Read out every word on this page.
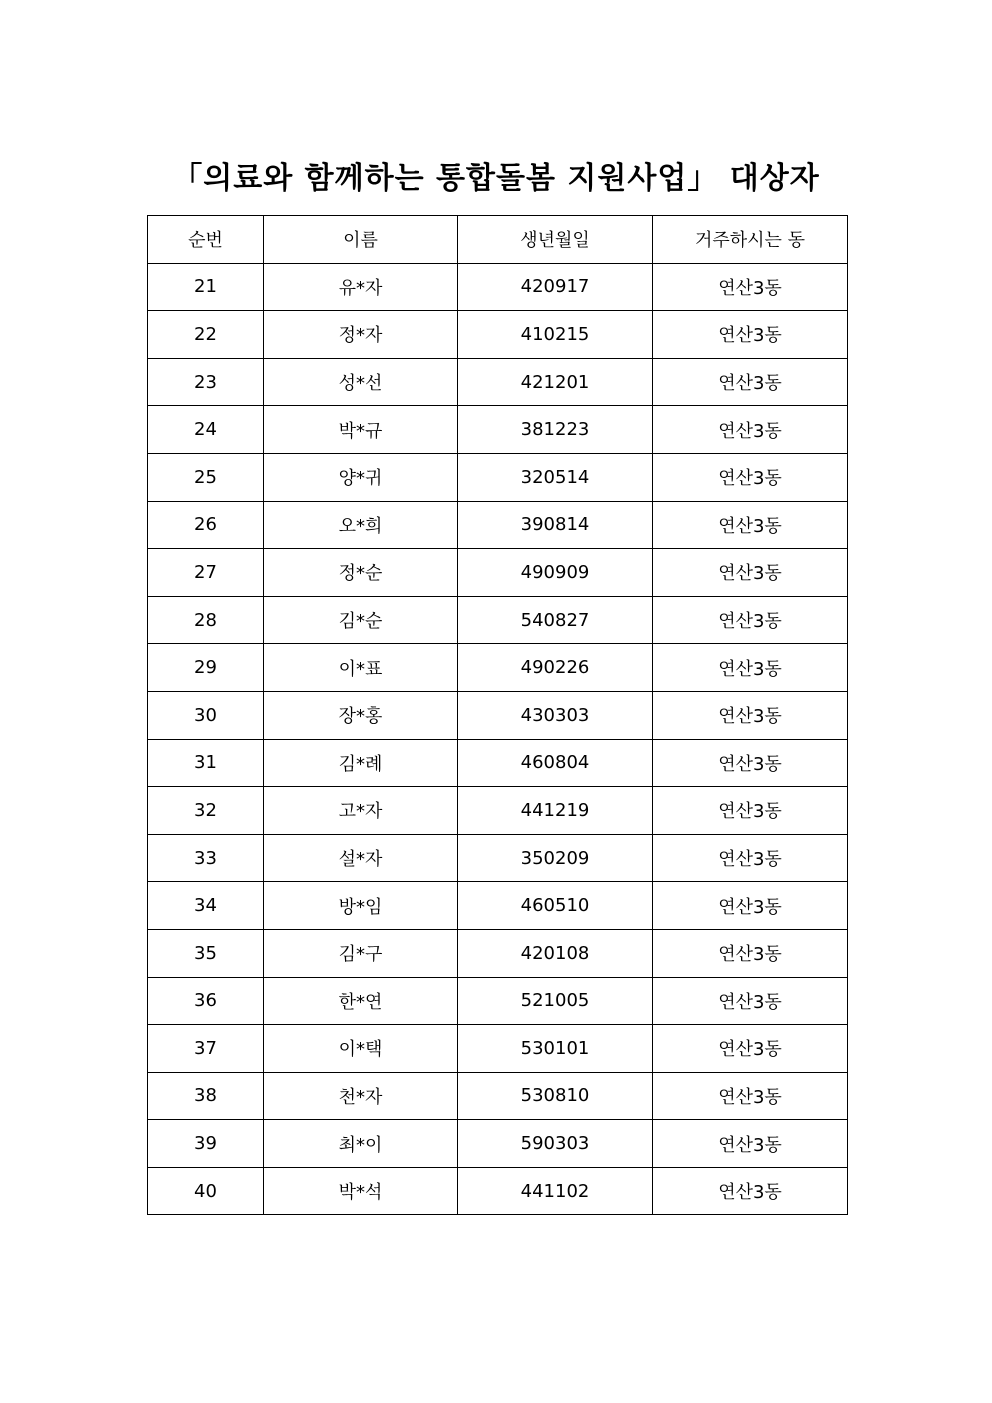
「의료와 함께하는 통합돌봄 지원사업」 대상자
순번	이름	생년월일	거주하시는 동
21	유*자	420917	연산3동
22	정*자	410215	연산3동
23	성*선	421201	연산3동
24	박*규	381223	연산3동
25	양*귀	320514	연산3동
26	오*희	390814	연산3동
27	정*순	490909	연산3동
28	김*순	540827	연산3동
29	이*표	490226	연산3동
30	장*홍	430303	연산3동
31	김*례	460804	연산3동
32	고*자	441219	연산3동
33	설*자	350209	연산3동
34	방*임	460510	연산3동
35	김*구	420108	연산3동
36	한*연	521005	연산3동
37	이*택	530101	연산3동
38	천*자	530810	연산3동
39	최*이	590303	연산3동
40	박*석	441102	연산3동
